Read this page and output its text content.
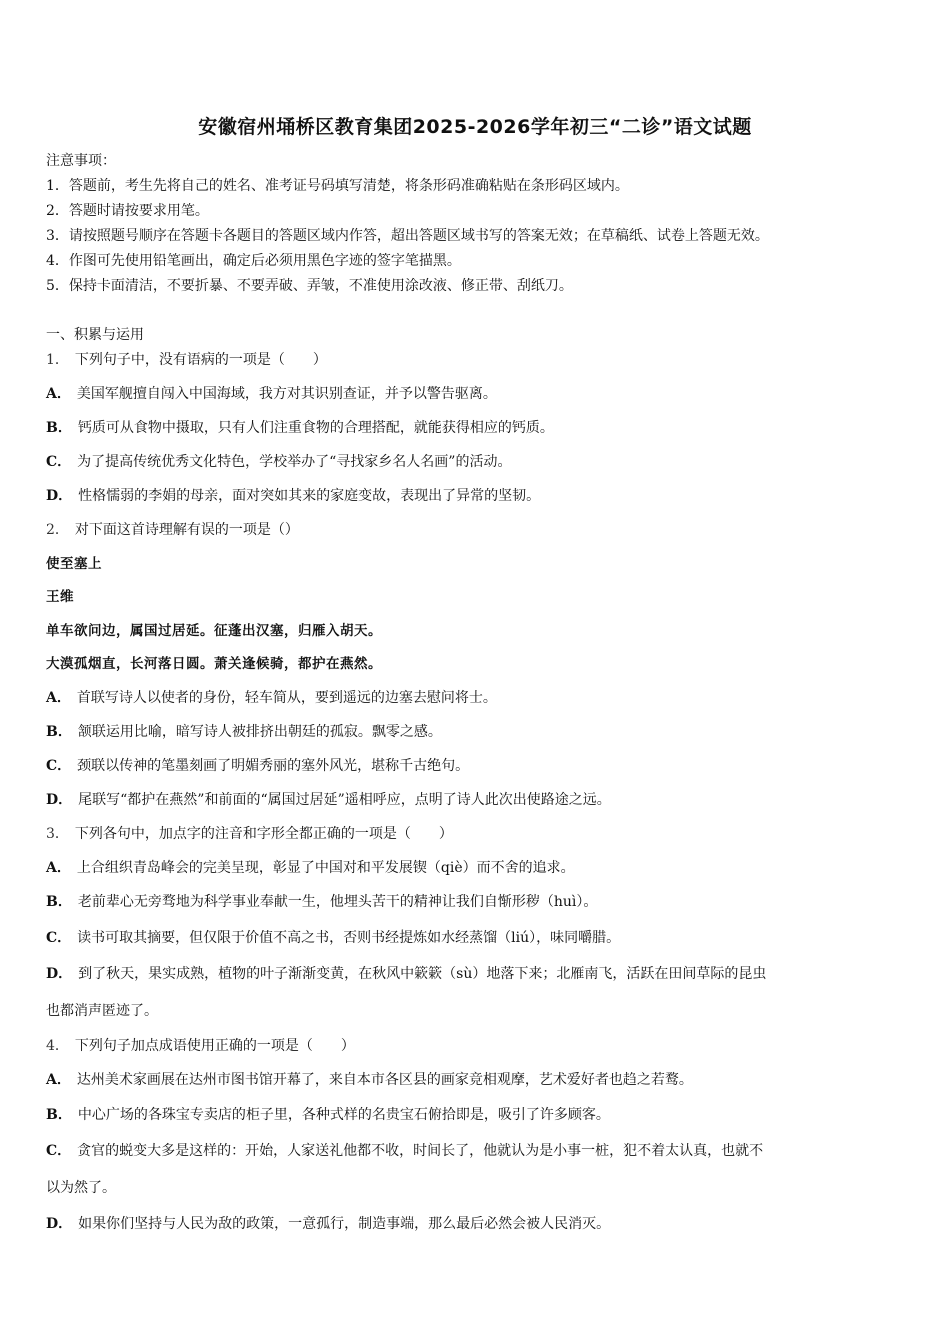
安徽宿州埇桥区教育集团2025-2026学年初三“二诊”语文试题
注意事项：
1．答题前，考生先将自己的姓名、准考证号码填写清楚，将条形码准确粘贴在条形码区域内。
2．答题时请按要求用笔。
3．请按照题号顺序在答题卡各题目的答题区域内作答，超出答题区域书写的答案无效；在草稿纸、试卷上答题无效。
4．作图可先使用铅笔画出，确定后必须用黑色字迹的签字笔描黑。
5．保持卡面清洁，不要折暴、不要弄破、弄皱，不准使用涂改液、修正带、刮纸刀。
一、积累与运用
1． 下列句子中，没有语病的一项是（　　）
A． 美国军舰擅自闯入中国海域，我方对其识别查证，并予以警告驱离。
B． 钙质可从食物中摄取，只有人们注重食物的合理搭配，就能获得相应的钙质。
C． 为了提高传统优秀文化特色，学校举办了“寻找家乡名人名画”的活动。
D． 性格懦弱的李娟的母亲，面对突如其来的家庭变故，表现出了异常的坚韧。
2． 对下面这首诗理解有误的一项是（）
使至塞上
王维
单车欲问边，属国过居延。征蓬出汉塞，归雁入胡天。
大漠孤烟直，长河落日圆。萧关逢候骑，都护在燕然。
A． 首联写诗人以使者的身份，轻车简从，要到遥远的边塞去慰问将士。
B． 颔联运用比喻，暗写诗人被排挤出朝廷的孤寂。飘零之感。
C． 颈联以传神的笔墨刻画了明媚秀丽的塞外风光，堪称千古绝句。
D． 尾联写“都护在燕然”和前面的“属国过居延”遥相呼应，点明了诗人此次出使路途之远。
3． 下列各句中，加点字的注音和字形全都正确的一项是（　　）
A． 上合组织青岛峰会的完美呈现，彰显了中国对和平发展锲（qiè）而不舍的追求。
B． 老前辈心无旁骛地为科学事业奉献一生，他埋头苦干的精神让我们自惭形秽（huì）。
C． 读书可取其摘要，但仅限于价值不高之书，否则书经提炼如水经蒸馏（liú），味同嚼腊。
D． 到了秋天，果实成熟，植物的叶子渐渐变黄，在秋风中簌簌（sù）地落下来；北雁南飞，活跃在田间草际的昆虫
也都消声匿迹了。
4． 下列句子加点成语使用正确的一项是（　　）
A． 达州美术家画展在达州市图书馆开幕了，来自本市各区县的画家竞相观摩，艺术爱好者也趋之若鹜。
B． 中心广场的各珠宝专卖店的柜子里，各种式样的名贵宝石俯拾即是，吸引了许多顾客。
C． 贪官的蜕变大多是这样的：开始，人家送礼他都不收，时间长了，他就认为是小事一桩，犯不着太认真，也就不
以为然了。
D． 如果你们坚持与人民为敌的政策，一意孤行，制造事端，那么最后必然会被人民消灭。
